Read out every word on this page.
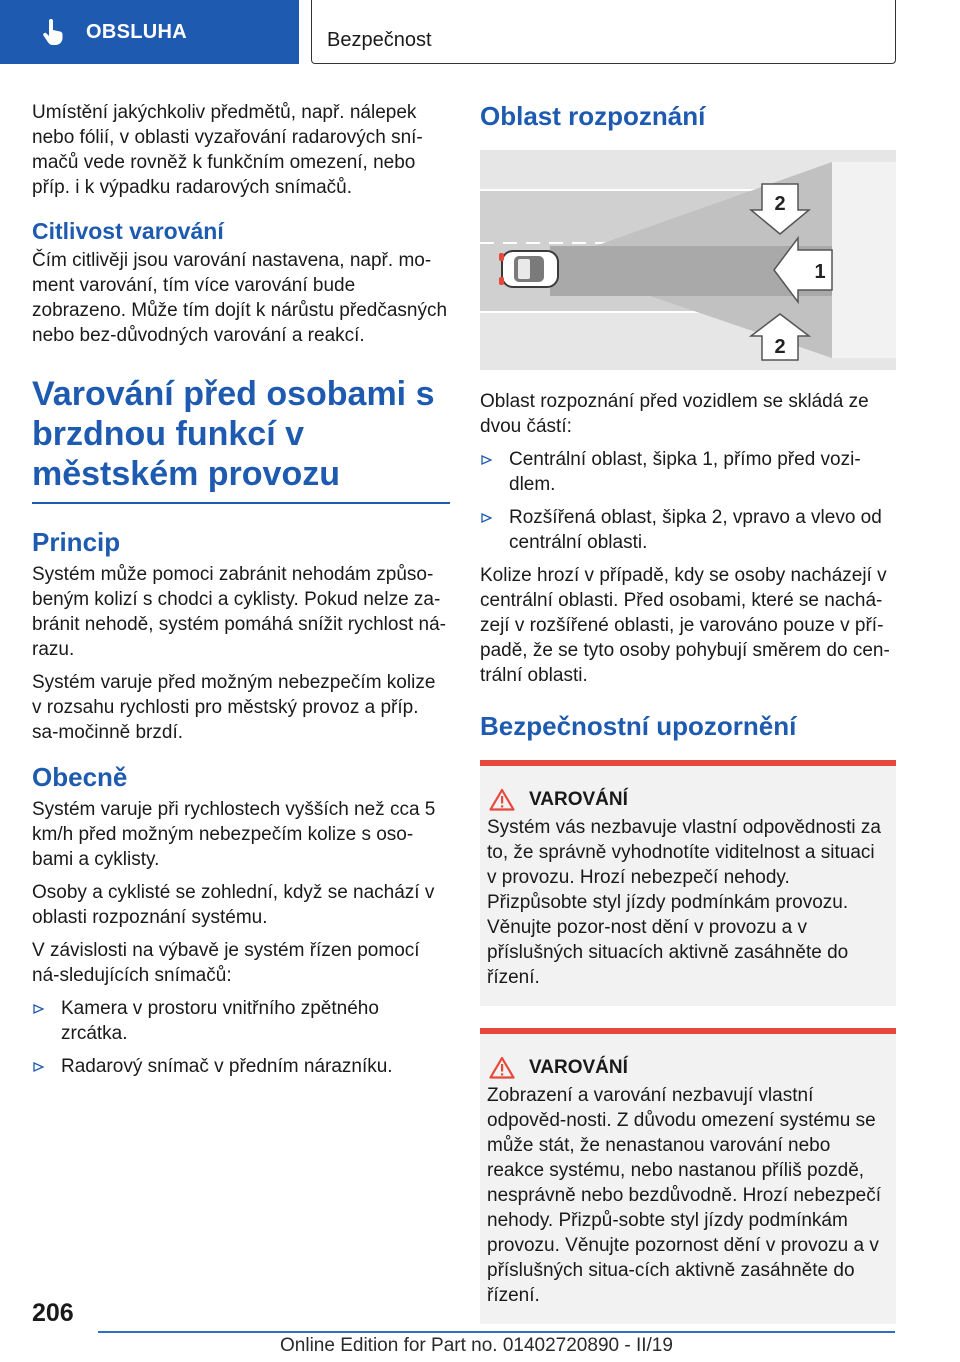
OBSLUHA	Bezpečnost

Umístění jakýchkoliv předmětů, např. nálepek nebo fólií, v oblasti vyzařování radarových sní-mačů vede rovněž k funkčním omezení, nebo příp. i k výpadku radarových snímačů.

Citlivost varování

Čím citlivěji jsou varování nastavena, např. mo-ment varování, tím více varování bude zobrazeno. Může tím dojít k nárůstu předčasných nebo bez-důvodných varování a reakcí.

Varování před osobami s brzdnou funkcí v městském provozu
Princip

Systém může pomoci zabránit nehodám způso-beným kolizí s chodci a cyklisty. Pokud nelze za-bránit nehodě, systém pomáhá snížit rychlost ná-razu.

Systém varuje před možným nebezpečím kolize v rozsahu rychlosti pro městský provoz a příp. sa-močinně brzdí.

Obecně

Systém varuje při rychlostech vyšších než cca 5 km/h před možným nebezpečím kolize s oso-bami a cyklisty.

Osoby a cyklisté se zohlední, když se nachází v oblasti rozpoznání systému.

V závislosti na výbavě je systém řízen pomocí ná-sledujících snímačů:

Kamera v prostoru vnitřního zpětného zrcátka.
Radarový snímač v předním nárazníku.
Oblast rozpoznání
2
1
2

Oblast rozpoznání před vozidlem se skládá ze dvou částí:

Centrální oblast, šipka 1, přímo před vozi-dlem.
Rozšířená oblast, šipka 2, vpravo a vlevo od centrální oblasti.

Kolize hrozí v případě, kdy se osoby nacházejí v centrální oblasti. Před osobami, které se nachá-zejí v rozšířené oblasti, je varováno pouze v pří-padě, že se tyto osoby pohybují směrem do cen-trální oblasti.

Bezpečnostní upozornění
VAROVÁNÍ

Systém vás nezbavuje vlastní odpovědnosti za to, že správně vyhodnotíte viditelnost a situaci v provozu. Hrozí nebezpečí nehody. Přizpůsobte styl jízdy podmínkám provozu. Věnujte pozor-nost dění v provozu a v příslušných situacích aktivně zasáhněte do řízení.

VAROVÁNÍ

Zobrazení a varování nezbavují vlastní odpověd-nosti. Z důvodu omezení systému se může stát, že nenastanou varování nebo reakce systému, nebo nastanou příliš pozdě, nesprávně nebo bezdůvodně. Hrozí nebezpečí nehody. Přizpů-sobte styl jízdy podmínkám provozu. Věnujte pozornost dění v provozu a v příslušných situa-cích aktivně zasáhněte do řízení.

206
Online Edition for Part no. 01402720890 - II/19
